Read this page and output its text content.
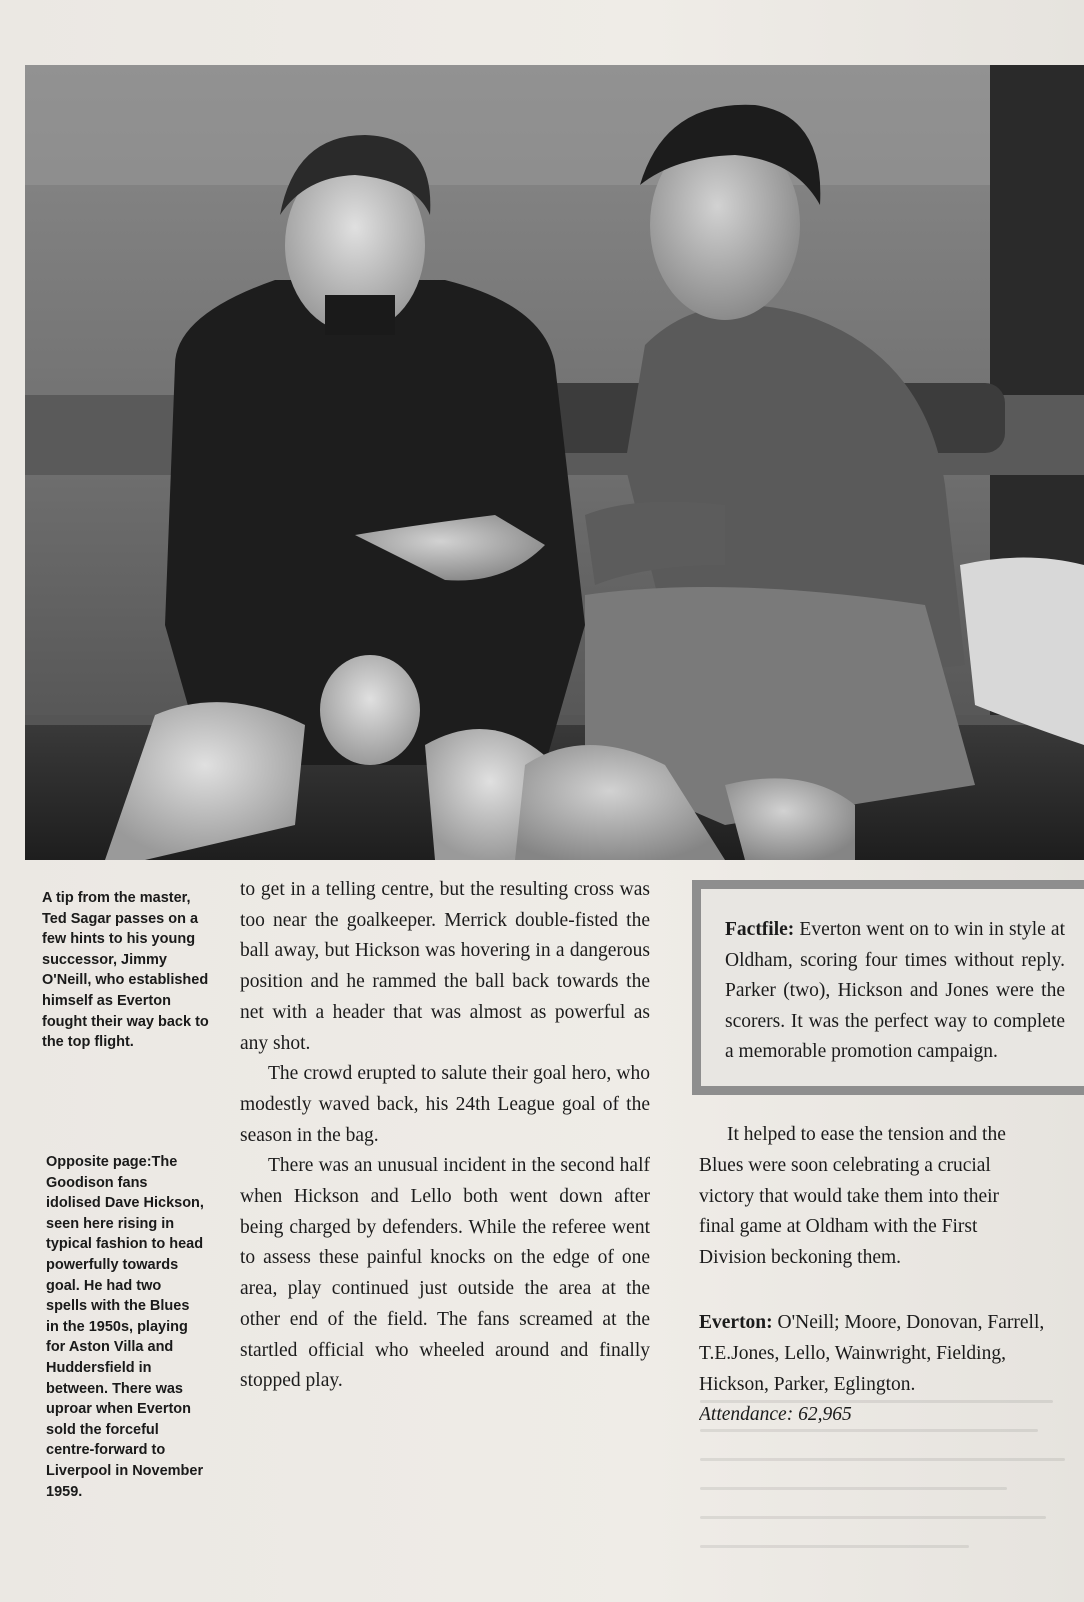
A tip from the master, Ted Sagar passes on a few hints to his young successor, Jimmy O'Neill, who established himself as Everton fought their way back to the top flight.

Opposite page:The Goodison fans idolised Dave Hickson, seen here rising in typical fashion to head powerfully towards goal. He had two spells with the Blues in the 1950s, playing for Aston Villa and Huddersfield in between. There was uproar when Everton sold the forceful centre-forward to Liverpool in November 1959.

to get in a telling centre, but the resulting cross was too near the goalkeeper. Merrick double-fisted the ball away, but Hickson was hovering in a dangerous position and he rammed the ball back towards the net with a header that was almost as powerful as any shot.

The crowd erupted to salute their goal hero, who modestly waved back, his 24th League goal of the season in the bag.

There was an unusual incident in the second half when Hickson and Lello both went down after being charged by defenders. While the referee went to assess these painful knocks on the edge of one area, play continued just outside the area at the other end of the field. The fans screamed at the startled official who wheeled around and finally stopped play.

Factfile: Everton went on to win in style at Oldham, scoring four times without reply. Parker (two), Hickson and Jones were the scorers. It was the perfect way to complete a memorable promotion campaign.

It helped to ease the tension and the

Blues were soon celebrating a crucial

victory that would take them into their

final game at Oldham with the First

Division beckoning them.

Everton: O'Neill; Moore, Donovan, Farrell,

T.E.Jones, Lello, Wainwright, Fielding,

Hickson, Parker, Eglington.

Attendance: 62,965
